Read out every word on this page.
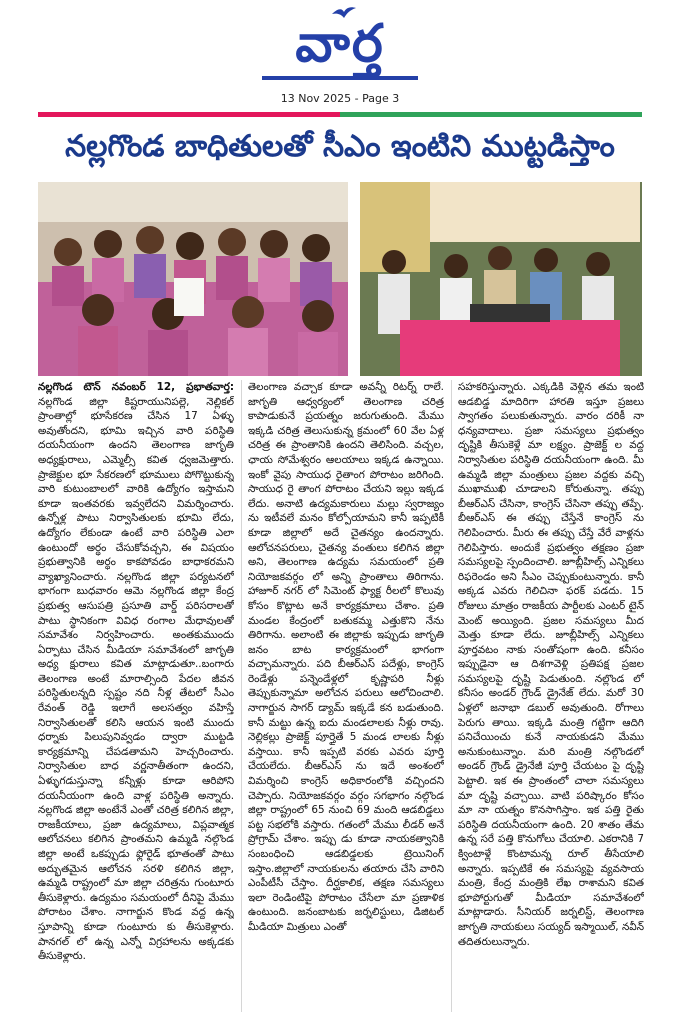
వార్త
13 Nov 2025 - Page 3
నల్లగొండ బాధితులతో సీఎం ఇంటిని ముట్టడిస్తాం
నల్లగొండ టౌన్ నవంబర్ 12, ప్రభాతవార్త: నల్లగొండ జిల్లా కిష్టరాయునిపల్లె, నెల్లికల్ ప్రాంతాల్లో భూసేకరణ చేసిన 17 ఏళ్ళు అవుతోందని, భూమి ఇచ్చిన వారి పరిస్థితి దయనీయంగా ఉందని తెలంగాణ జాగృతి అధ్యక్షురాలు, ఎమ్మెల్సీ కవిత ధ్వజమెత్తారు. ప్రాజెక్టుల భూ సేకరణలో భూములు పోగొట్టుకున్న వారి కుటుంబాలలో వారికి ఉద్యోగం ఇస్తామని కూడా ఇంతవరకు ఇవ్వలేదని విమర్శించారు. ఉన్నోళ్ల పాటు నిర్వాసితులకు భూమి లేదు, ఉద్యోగం లేకుండా ఉంటే వారి పరిస్థితి ఎలా ఉంటుందో అర్థం చేసుకోవచ్చని, ఈ విషయం ప్రభుత్వానికి అర్థం కాకపోవడం బాధాకరమని వ్యాఖ్యానించారు. నల్లగొండ జిల్లా పర్యటనలో భాగంగా బుధవారం ఆమె నల్లగొండ జిల్లా కేంద్ర ప్రభుత్వ ఆసుపత్రి ప్రసూతి వార్డ్ పరిసరాలతో పాటు స్థానికంగా వివిధ రంగాల మేధావులతో సమావేశం నిర్వహించారు. అంతకుముందు ఏర్పాటు చేసిన మీడియా సమావేశంలో జాగృతి అధ్య క్షురాలు కవిత మాట్లాడుతూ..బంగారు తెలంగాణ అంటే మారాల్సింది పేదల జీవన పరిస్థితులన్నది స్పష్టం నది నీళ్ల తేటలో సీఎం రేవంత్ రెడ్డి ఇలాగే అలసత్వం వహిస్తే నిర్వాసితులతో కలిసి ఆయన ఇంటి ముందు ధర్నాకు పిలుపునివ్వడం ద్వారా ముట్టడి కార్యక్రమాన్ని చేపడతామని హెచ్చరించారు. నిర్వాసితుల బాధ వర్ణనాతీతంగా ఉందని, ఏళ్ళుగడుస్తున్నా కన్నీళ్లు కూడా ఆరిపోని దయనీయంగా ఉంది వాళ్ల పరిస్థితి అన్నారు. నల్లగొండ జిల్లా అంటేనే ఎంతో చరిత్ర కలిగిన జిల్లా, రాజకీయాలు, ప్రజా ఉద్యమాలు, విప్లవాత్మక ఆలోచనలు కలిగిన ప్రాంతమని ఉమ్మడి నల్గొండ జిల్లా అంటే ఒకప్పుడు ఫ్లోరైడ్ భూతంతో పాటు అద్భుతమైన ఆలోచన సరళి కలిగిన జిల్లా, ఉమ్మడి రాష్ట్రంలో మా జిల్లా చరిత్రను గుంటూరు తీసుకెళ్లారు. ఉద్యమం సమయంలో దీనిపై మేము పోరాటం చేశాం. నాగార్జున కొండ వద్ద ఉన్న స్తూపాన్ని కూడా గుంటూరు కు తీసుకెళ్లారు. పానగల్ లో ఉన్న ఎన్నో విగ్రహాలను అక్కడకు తీసుకెళ్లారు.
తెలంగాణ వచ్చాక కూడా అవన్నీ రిటర్న్ రాలే. జాగృతి ఆధ్వర్యంలో తెలంగాణ చరిత్ర కాపాడుకునే ప్రయత్నం జరుగుతుంది. మేము ఇక్కడి చరిత్ర తెలుసుకున్న క్రమంలో 60 వేల ఏళ్ల చరిత్ర ఈ ప్రాంతానికి ఉందని తెలిసింది. వచ్చల, ఛాయ సోమేశ్వరం ఆలయాలు ఇక్కడ ఉన్నాయి. ఇంకో వైపు సాయుధ రైతాంగ పోరాటం జరిగింది. సాయుధ రై తాంగ పోరాటం చేయని ఇల్లు ఇక్కడ లేదు. అనాటి ఉద్యమకారులు మల్లు స్వరాజ్యం ను ఇటీవలే మనం కోల్పోయామని కానీ ఇప్పటికీ కూడా జిల్లాలో అదే చైతన్యం ఉందన్నారు. ఆలోచనపరులు, చైతన్య వంతులు కలిగిన జిల్లా అని, తెలంగాణ ఉద్యమ సమయంలో ప్రతి నియోజకవర్గం లో అన్ని ప్రాంతాలు తిరిగాను. హాజూర్ నగర్ లో సిమెంట్ ఫ్యాక్ట రీలలో కొలువు కోసం కొట్లాట అనే కార్యక్రమాలు చేశాం. ప్రతి మండల కేంద్రంలో బతుకమ్మ ఎత్తుకొని నేను తిరిగాను. అలాంటి ఈ జిల్లాకు ఇప్పుడు జాగృతి జనం బాట కార్యక్రమంలో భాగంగా వచ్చామన్నారు. పది బీఆర్ఎస్ పదేళ్లు, కాంగ్రెస్ రెండేళ్లు పన్నెండేళ్లలో కృష్ణాపరి నీళ్లు తెప్పుకున్నామా అలోచన పరులు ఆలోచించాలి. నాగార్జున సాగర్ డ్యామ్ ఇక్కడే కన బడుతుంది. కానీ మట్టు ఉన్న ఐదు మండలాలకు నీళ్లు రావు. నెల్లికల్లు ప్రాజెక్ట్ పూర్తైతే 5 మండ లాలకు నీళ్లు వస్తాయి. కానీ ఇప్పటి వరకు ఎవరు పూర్తి చేయలేదు. బీఆర్ఎస్ ను ఇదే అంశంలో విమర్శించి కాంగ్రెస్ అధికారంలోకి వచ్చిందని చెప్పారు. నియోజకవర్గం వర్గం సగభాగం నల్గొండ జిల్లా రాష్ట్రంలో 65 నుంచి 69 మంది ఆడబిడ్డలు పట్ట సభలోకి వస్తారు. గతంలో మేము లీడర్ అనే ప్రోగ్రామ్ చేశాం. ఇప్పు డు కూడా నాయకత్వానికి సంబంధించి ఆడబిడ్డలకు ట్రెయినింగ్ ఇస్తాం.జిల్లాలో నాయకులను తయారు చేసి వారిని ఎంపీటీసీ చేస్తాం. దీర్ఘకాలిక, తక్షణ సమస్యలు ఇలా రెండింటిపై పోరాటం చేసేలా మా ప్రణాళిక ఉంటుంది. జనంబాటకు జర్నలిస్టులు, డిజిటల్ మీడియా మిత్రులు ఎంతో
సహకరిస్తున్నారు. ఎక్కడికి వెళ్లిన తమ ఇంటి ఆడబిడ్డ మాదిరిగా హారతి ఇస్తూ ప్రజలు స్వాగతం పలుకుతున్నారు. వారం దరికీ నా ధన్యవాదాలు. ప్రజా సమస్యలు ప్రభుత్వం దృష్టికి తీసుకెళ్లే మా లక్ష్యం. ప్రాజెక్ట్ ల వద్ద నిర్వాసితుల పరిస్థితి దయనీయంగా ఉంది. మీ ఉమ్మడి జిల్లా మంత్రులు ప్రజల వద్దకు వచ్చి ముఖాముఖి చూడాలని కోరుతున్నా. తప్పు బీఆర్ఎస్ చేసినా, కాంగ్రెస్ చేసినా తప్పు తప్పే. బీఆర్ఎస్ ఈ తప్పు చేస్తేనే కాంగ్రెస్ ను గెలిపించారు. మీరు ఈ తప్పు చేస్తే వేరే వాళ్లను గెలిపిస్తారు. అందుకే ప్రభుత్వం తక్షణం ప్రజా సమస్యలపై స్పందించాలి. జూబ్లీహిల్స్ ఎన్నికలు రిఫరెండం అని సీఎం చెప్పుకుంటున్నారు. కానీ అక్కడ ఎవరు గెలిచినా ఫరక్ పడదు. 15 రోజులు మాత్రం రాజకీయ పార్టీలకు ఎంటర్ టైన్ మెంట్ అయ్యింది. ప్రజల సమస్యలు మీద మెత్తు కూడా లేదు. జూబ్లీహిల్స్ ఎన్నికలు పూర్తవటం నాకు సంతోషంగా ఉంది. కనీసం ఇప్పుడైనా ఆ దిశగావెళ్లి ప్రతిపక్ష ప్రజల సమస్యలపై దృష్టి పెడుతుంది. నల్లొండ లో కనీసం అండర్ గ్రౌండ్ డ్రైనేజ్ లేదు. మరో 30 ఏళ్లలో జనాభా డబుల్ అవుతుంది. రోగాలు పెరుగు తాయి. ఇక్కడి మంత్రి గట్టిగా ఆదిగి పనిచేయించు కునే నాయకుడని మేము అనుకుంటున్నాం. మరి మంత్రి నల్గొండలో అండర్ గ్రౌండ్ డ్రైనేజీ పూర్తి చేయటం పై దృష్టి పెట్టాలి. ఇక ఈ ప్రాంతంలో చాలా సమస్యలు మా దృష్టి వచ్చాయి. వాటి పరిష్కారం కోసం మా నా యత్నం కొనసాగిస్తాం. ఇక పత్తి రైతు పరిస్థితి దయనీయంగా ఉంది. 20 శాతం తేమ ఉన్న సరే పత్తి కొనుగోలు చేయాలి. ఎకరానికి 7 క్వింటాళ్లే కొంటామన్న రూల్ తీసేయాలి అన్నారు. ఇప్పటికే ఈ సమస్యపై వ్యవసాయ మంత్రి, కేంద్ర మంత్రికి లేఖ రాశామని కవిత భూపోర్టుగుతో మీడియా సమావేశంలో మాట్లాడారు. సీనియర్ జర్నలిస్ట్, తెలంగాణ జాగృతి నాయకులు సయ్యద్ ఇస్మాయిల్, నవీన్ తదితరులున్నారు.
